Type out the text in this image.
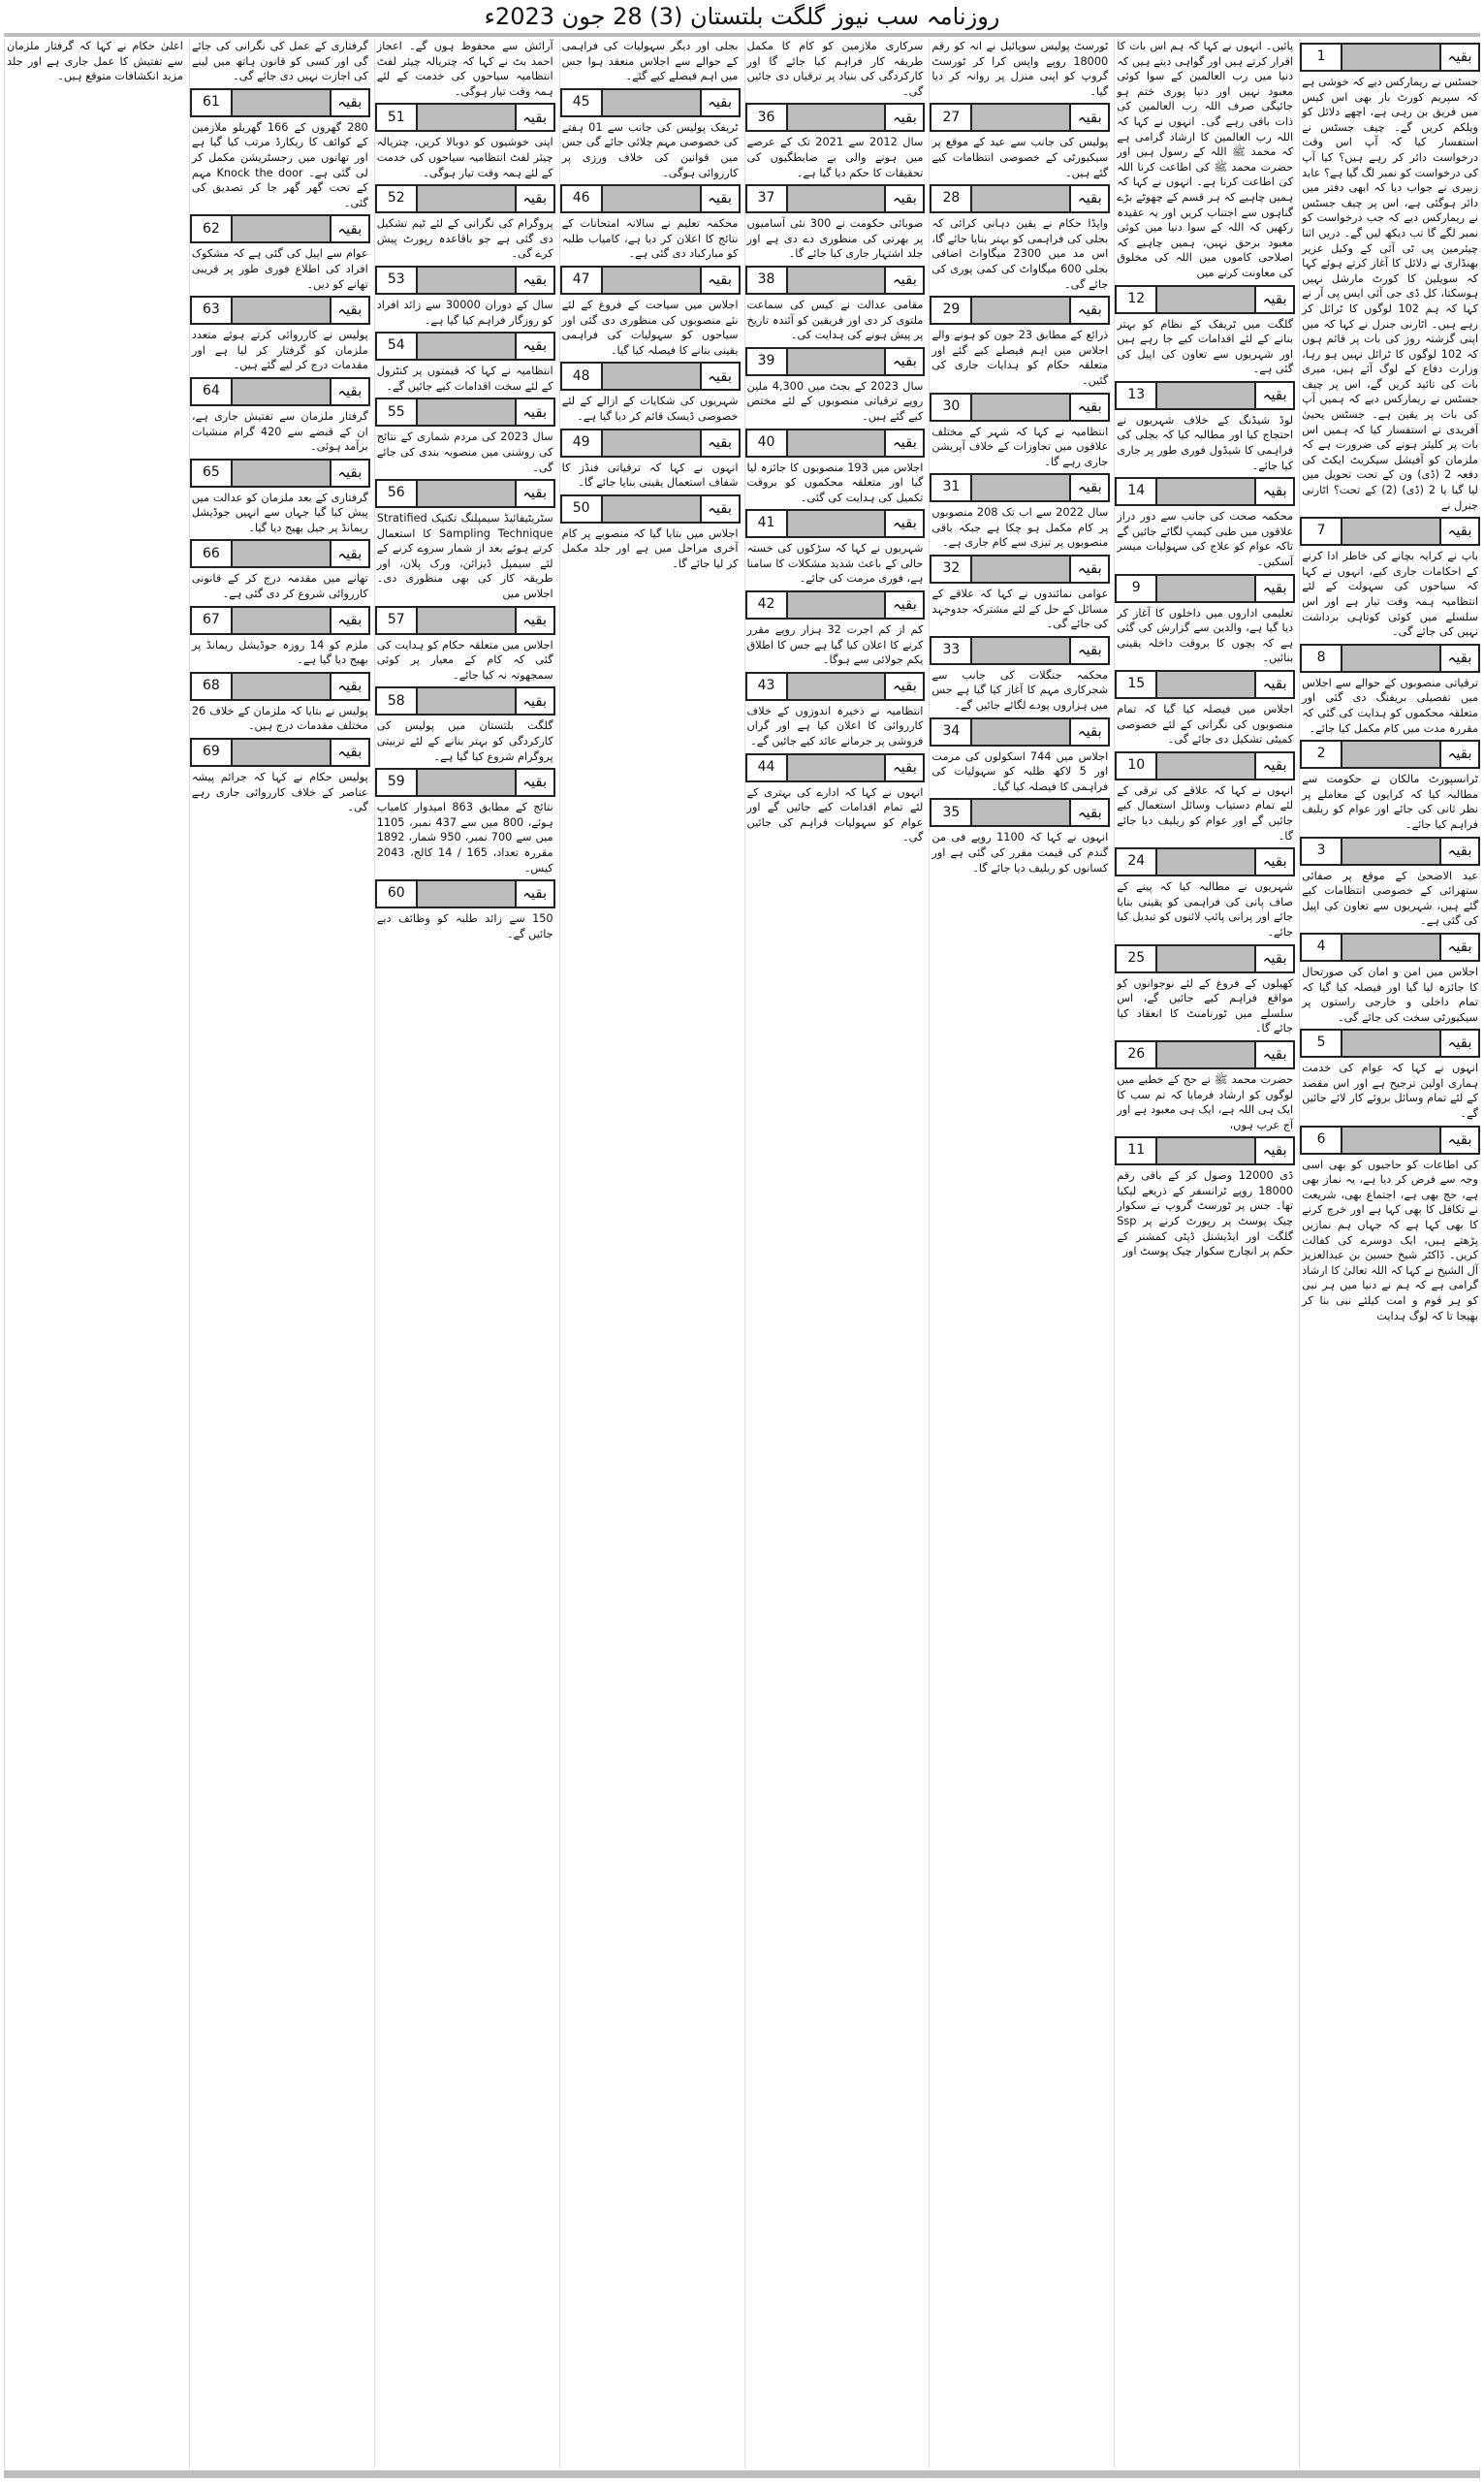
روزنامہ سب نیوز گلگت بلتستان (3) 28 جون 2023ء
1	بقیہ
جسٹس نے ریمارکس دیے کہ خوشی ہے کہ سپریم کورٹ بار بھی اس کیس میں فریق بن رہی ہے، اچھے دلائل کو ویلکم کریں گے۔ چیف جسٹس نے استفسار کیا کہ آپ اس وقت درخواست دائر کر رہے ہیں؟ کیا آپ کی درخواست کو نمبر لگ گیا ہے؟ عابد زبیری نے جواب دیا کہ ابھی دفتر میں دائر ہوگئی ہے، اس پر چیف جسٹس نے ریمارکس دیے کہ جب درخواست کو نمبر لگے گا تب دیکھ لیں گے۔ دریں اثنا چیئرمین پی ٹی آئی کے وکیل عزیر بھنڈاری نے دلائل کا آغاز کرتے ہوئے کہا کہ سویلین کا کورٹ مارشل نہیں ہوسکتا، کل ڈی جی آئی ایس پی آر نے کہا کہ ہم 102 لوگوں کا ٹرائل کر رہے ہیں۔ اٹارنی جنرل نے کہا کہ میں اپنی گزشتہ روز کی بات پر قائم ہوں کہ 102 لوگوں کا ٹرائل نہیں ہو رہا، وزارت دفاع کے لوگ آئے ہیں، میری بات کی تائید کریں گے، اس پر چیف جسٹس نے ریمارکس دیے کہ ہمیں آپ کی بات پر یقین ہے۔ جسٹس یحییٰ آفریدی نے استفسار کیا کہ ہمیں اس بات پر کلیئر ہونے کی ضرورت ہے کہ ملزمان کو آفیشل سیکریٹ ایکٹ کی دفعہ 2 (ڈی) ون کے تحت تحویل میں لیا گیا یا 2 (ڈی) (2) کے تحت؟ اٹارنی جنرل نے
7	بقیہ
باپ نے کرایہ بچانے کی خاطر ادا کرنے کے احکامات جاری کیے، انہوں نے کہا کہ سیاحوں کی سہولت کے لئے انتظامیہ ہمہ وقت تیار ہے اور اس سلسلے میں کوئی کوتاہی برداشت نہیں کی جائے گی۔
8	بقیہ
ترقیاتی منصوبوں کے حوالے سے اجلاس میں تفصیلی بریفنگ دی گئی اور متعلقہ محکموں کو ہدایت کی گئی کہ مقررہ مدت میں کام مکمل کیا جائے۔
2	بقیہ
ٹرانسپورٹ مالکان نے حکومت سے مطالبہ کیا کہ کرایوں کے معاملے پر نظر ثانی کی جائے اور عوام کو ریلیف فراہم کیا جائے۔
3	بقیہ
عید الاضحیٰ کے موقع پر صفائی ستھرائی کے خصوصی انتظامات کیے گئے ہیں، شہریوں سے تعاون کی اپیل کی گئی ہے۔
4	بقیہ
اجلاس میں امن و امان کی صورتحال کا جائزہ لیا گیا اور فیصلہ کیا گیا کہ تمام داخلی و خارجی راستوں پر سیکیورٹی سخت کی جائے گی۔
5	بقیہ
انہوں نے کہا کہ عوام کی خدمت ہماری اولین ترجیح ہے اور اس مقصد کے لئے تمام وسائل بروئے کار لائے جائیں گے۔
6	بقیہ
کی اطاعات کو حاجیوں کو بھی اسی وجہ سے فرض کر دیا ہے، یہ نماز بھی ہے، حج بھی ہے، اجتماع بھی، شریعت نے تکافل کا بھی کہا ہے اور خرچ کرنے کا بھی کہا ہے کہ جہاں ہم نمازیں پڑھتے ہیں، ایک دوسرے کی کفالت کریں۔ ڈاکٹر شیخ حسین بن عبدالعزیز آل الشیخ نے کہا کہ اللہ تعالیٰ کا ارشاد گرامی ہے کہ ہم نے دنیا میں ہر نبی کو ہر قوم و امت کیلئے نبی بنا کر بھیجا تا کہ لوگ ہدایت
پائیں۔ انہوں نے کہا کہ ہم اس بات کا اقرار کرتے ہیں اور گواہی دیتے ہیں کہ دنیا میں رب العالمین کے سوا کوئی معبود نہیں اور دنیا پوری ختم ہو جائیگی صرف اللہ رب العالمین کی ذات باقی رہے گی۔ انہوں نے کہا کہ اللہ رب العالمین کا ارشاد گرامی ہے کہ محمد ﷺ اللہ کے رسول ہیں اور حضرت محمد ﷺ کی اطاعت کرنا اللہ کی اطاعت کرنا ہے۔ انہوں نے کہا کہ ہمیں چاہیے کہ ہر قسم کے چھوٹے بڑے گناہوں سے اجتناب کریں اور یہ عقیدہ رکھیں کہ اللہ کے سوا دنیا میں کوئی معبود برحق نہیں، ہمیں چاہیے کہ اصلاحی کاموں میں اللہ کی مخلوق کی معاونت کرنے میں
12	بقیہ
گلگت میں ٹریفک کے نظام کو بہتر بنانے کے لئے اقدامات کیے جا رہے ہیں اور شہریوں سے تعاون کی اپیل کی گئی ہے۔
13	بقیہ
لوڈ شیڈنگ کے خلاف شہریوں نے احتجاج کیا اور مطالبہ کیا کہ بجلی کی فراہمی کا شیڈول فوری طور پر جاری کیا جائے۔
14	بقیہ
محکمہ صحت کی جانب سے دور دراز علاقوں میں طبی کیمپ لگائے جائیں گے تاکہ عوام کو علاج کی سہولیات میسر آسکیں۔
9	بقیہ
تعلیمی اداروں میں داخلوں کا آغاز کر دیا گیا ہے، والدین سے گزارش کی گئی ہے کہ بچوں کا بروقت داخلہ یقینی بنائیں۔
15	بقیہ
اجلاس میں فیصلہ کیا گیا کہ تمام منصوبوں کی نگرانی کے لئے خصوصی کمیٹی تشکیل دی جائے گی۔
10	بقیہ
انہوں نے کہا کہ علاقے کی ترقی کے لئے تمام دستیاب وسائل استعمال کیے جائیں گے اور عوام کو ریلیف دیا جائے گا۔
24	بقیہ
شہریوں نے مطالبہ کیا کہ پینے کے صاف پانی کی فراہمی کو یقینی بنایا جائے اور پرانی پائپ لائنوں کو تبدیل کیا جائے۔
25	بقیہ
کھیلوں کے فروغ کے لئے نوجوانوں کو مواقع فراہم کیے جائیں گے، اس سلسلے میں ٹورنامنٹ کا انعقاد کیا جائے گا۔
26	بقیہ
حضرت محمد ﷺ نے حج کے خطبے میں لوگوں کو ارشاد فرمایا کہ تم سب کا ایک ہی اللہ ہے، ایک ہی معبود ہے اور آج عرب ہوں،
11	بقیہ
ڈی 12000 وصول کر کے باقی رقم 18000 روپے ٹرانسفر کے ذریعے لیکیا تھا۔ جس پر ٹورسٹ گروپ نے سکوار چیک پوسٹ پر رپورٹ کرنے پر Ssp گلگت اور ایڈیشنل ڈپٹی کمشنر کے حکم پر انچارج سکوار چیک پوسٹ اور
ٹورسٹ پولیس سوپائیل نے انہ کو رقم 18000 روپے واپس کرا کر ٹورسٹ گروپ کو اپنی منزل پر روانہ کر دیا گیا۔
27	بقیہ
پولیس کی جانب سے عید کے موقع پر سیکیورٹی کے خصوصی انتظامات کیے گئے ہیں۔
28	بقیہ
واپڈا حکام نے یقین دہانی کرائی کہ بجلی کی فراہمی کو بہتر بنایا جائے گا، اس مد میں 2300 میگاواٹ اضافی بجلی 600 میگاواٹ کی کمی پوری کی جائے گی۔
29	بقیہ
ذرائع کے مطابق 23 جون کو ہونے والے اجلاس میں اہم فیصلے کیے گئے اور متعلقہ حکام کو ہدایات جاری کی گئیں۔
30	بقیہ
انتظامیہ نے کہا کہ شہر کے مختلف علاقوں میں تجاوزات کے خلاف آپریشن جاری رہے گا۔
31	بقیہ
سال 2022 سے اب تک 208 منصوبوں پر کام مکمل ہو چکا ہے جبکہ باقی منصوبوں پر تیزی سے کام جاری ہے۔
32	بقیہ
عوامی نمائندوں نے کہا کہ علاقے کے مسائل کے حل کے لئے مشترکہ جدوجہد کی جائے گی۔
33	بقیہ
محکمہ جنگلات کی جانب سے شجرکاری مہم کا آغاز کیا گیا ہے جس میں ہزاروں پودے لگائے جائیں گے۔
34	بقیہ
اجلاس میں 744 اسکولوں کی مرمت اور 5 لاکھ طلبہ کو سہولیات کی فراہمی کا فیصلہ کیا گیا۔
35	بقیہ
انہوں نے کہا کہ 1100 روپے فی من گندم کی قیمت مقرر کی گئی ہے اور کسانوں کو ریلیف دیا جائے گا۔
سرکاری ملازمین کو کام کا مکمل طریقہ کار فراہم کیا جائے گا اور کارکردگی کی بنیاد پر ترقیاں دی جائیں گی۔
36	بقیہ
سال 2012 سے 2021 تک کے عرصے میں ہونے والی بے ضابطگیوں کی تحقیقات کا حکم دیا گیا ہے۔
37	بقیہ
صوبائی حکومت نے 300 نئی آسامیوں پر بھرتی کی منظوری دے دی ہے اور جلد اشتہار جاری کیا جائے گا۔
38	بقیہ
مقامی عدالت نے کیس کی سماعت ملتوی کر دی اور فریقین کو آئندہ تاریخ پر پیش ہونے کی ہدایت کی۔
39	بقیہ
سال 2023 کے بجٹ میں 4,300 ملین روپے ترقیاتی منصوبوں کے لئے مختص کیے گئے ہیں۔
40	بقیہ
اجلاس میں 193 منصوبوں کا جائزہ لیا گیا اور متعلقہ محکموں کو بروقت تکمیل کی ہدایت کی گئی۔
41	بقیہ
شہریوں نے کہا کہ سڑکوں کی خستہ حالی کے باعث شدید مشکلات کا سامنا ہے، فوری مرمت کی جائے۔
42	بقیہ
کم از کم اجرت 32 ہزار روپے مقرر کرنے کا اعلان کیا گیا ہے جس کا اطلاق یکم جولائی سے ہوگا۔
43	بقیہ
انتظامیہ نے ذخیرہ اندوزوں کے خلاف کارروائی کا اعلان کیا ہے اور گراں فروشی پر جرمانے عائد کیے جائیں گے۔
44	بقیہ
انہوں نے کہا کہ ادارے کی بہتری کے لئے تمام اقدامات کیے جائیں گے اور عوام کو سہولیات فراہم کی جائیں گی۔
بجلی اور دیگر سہولیات کی فراہمی کے حوالے سے اجلاس منعقد ہوا جس میں اہم فیصلے کیے گئے۔
45	بقیہ
ٹریفک پولیس کی جانب سے 01 ہفتے کی خصوصی مہم چلائی جائے گی جس میں قوانین کی خلاف ورزی پر کارروائی ہوگی۔
46	بقیہ
محکمہ تعلیم نے سالانہ امتحانات کے نتائج کا اعلان کر دیا ہے، کامیاب طلبہ کو مبارکباد دی گئی ہے۔
47	بقیہ
اجلاس میں سیاحت کے فروغ کے لئے نئے منصوبوں کی منظوری دی گئی اور سیاحوں کو سہولیات کی فراہمی یقینی بنانے کا فیصلہ کیا گیا۔
48	بقیہ
شہریوں کی شکایات کے ازالے کے لئے خصوصی ڈیسک قائم کر دیا گیا ہے۔
49	بقیہ
انہوں نے کہا کہ ترقیاتی فنڈز کا شفاف استعمال یقینی بنایا جائے گا۔
50	بقیہ
اجلاس میں بتایا گیا کہ منصوبے پر کام آخری مراحل میں ہے اور جلد مکمل کر لیا جائے گا۔
آرائش سے محفوظ ہوں گے۔ اعجاز احمد بٹ نے کہا کہ چتریالہ چیئر لفٹ انتظامیہ سیاحوں کی خدمت کے لئے ہمہ وقت تیار ہوگی۔
51	بقیہ
اپنی خوشیوں کو دوبالا کریں، چتریالہ چیئر لفٹ انتظامیہ سیاحوں کی خدمت کے لئے ہمہ وقت تیار ہوگی۔
52	بقیہ
پروگرام کی نگرانی کے لئے ٹیم تشکیل دی گئی ہے جو باقاعدہ رپورٹ پیش کرے گی۔
53	بقیہ
سال کے دوران 30000 سے زائد افراد کو روزگار فراہم کیا گیا ہے۔
54	بقیہ
انتظامیہ نے کہا کہ قیمتوں پر کنٹرول کے لئے سخت اقدامات کیے جائیں گے۔
55	بقیہ
سال 2023 کی مردم شماری کے نتائج کی روشنی میں منصوبہ بندی کی جائے گی۔
56	بقیہ
سٹریٹیفائیڈ سیمپلنگ تکنیک Stratified Sampling Technique کا استعمال کرتے ہوئے بعد از شمار سروے کرنے کے لئے سیمپل ڈیزائن، ورک پلان، اور طریقہ کار کی بھی منظوری دی۔ اجلاس میں
57	بقیہ
اجلاس میں متعلقہ حکام کو ہدایت کی گئی کہ کام کے معیار پر کوئی سمجھوتہ نہ کیا جائے۔
58	بقیہ
گلگت بلتستان میں پولیس کی کارکردگی کو بہتر بنانے کے لئے تربیتی پروگرام شروع کیا گیا ہے۔
59	بقیہ
نتائج کے مطابق 863 امیدوار کامیاب ہوئے، 800 میں سے 437 نمبر، 1105 میں سے 700 نمبر، 950 شمار، 1892 مقررہ تعداد، 165 / 14 کالج، 2043 کیس۔
60	بقیہ
150 سے زائد طلبہ کو وظائف دیے جائیں گے۔
گرفتاری کے عمل کی نگرانی کی جائے گی اور کسی کو قانون ہاتھ میں لینے کی اجازت نہیں دی جائے گی۔
61	بقیہ
280 گھروں کے 166 گھریلو ملازمین کے کوائف کا ریکارڈ مرتب کیا گیا ہے اور تھانوں میں رجسٹریشن مکمل کر لی گئی ہے۔ Knock the door مہم کے تحت گھر گھر جا کر تصدیق کی گئی۔
62	بقیہ
عوام سے اپیل کی گئی ہے کہ مشکوک افراد کی اطلاع فوری طور پر قریبی تھانے کو دیں۔
63	بقیہ
پولیس نے کارروائی کرتے ہوئے متعدد ملزمان کو گرفتار کر لیا ہے اور مقدمات درج کر لیے گئے ہیں۔
64	بقیہ
گرفتار ملزمان سے تفتیش جاری ہے، ان کے قبضے سے 420 گرام منشیات برآمد ہوئی۔
65	بقیہ
گرفتاری کے بعد ملزمان کو عدالت میں پیش کیا گیا جہاں سے انہیں جوڈیشل ریمانڈ پر جیل بھیج دیا گیا۔
66	بقیہ
تھانے میں مقدمہ درج کر کے قانونی کارروائی شروع کر دی گئی ہے۔
67	بقیہ
ملزم کو 14 روزہ جوڈیشل ریمانڈ پر بھیج دیا گیا ہے۔
68	بقیہ
پولیس نے بتایا کہ ملزمان کے خلاف 26 مختلف مقدمات درج ہیں۔
69	بقیہ
پولیس حکام نے کہا کہ جرائم پیشہ عناصر کے خلاف کارروائی جاری رہے گی۔
اعلیٰ حکام نے کہا کہ گرفتار ملزمان سے تفتیش کا عمل جاری ہے اور جلد مزید انکشافات متوقع ہیں۔
